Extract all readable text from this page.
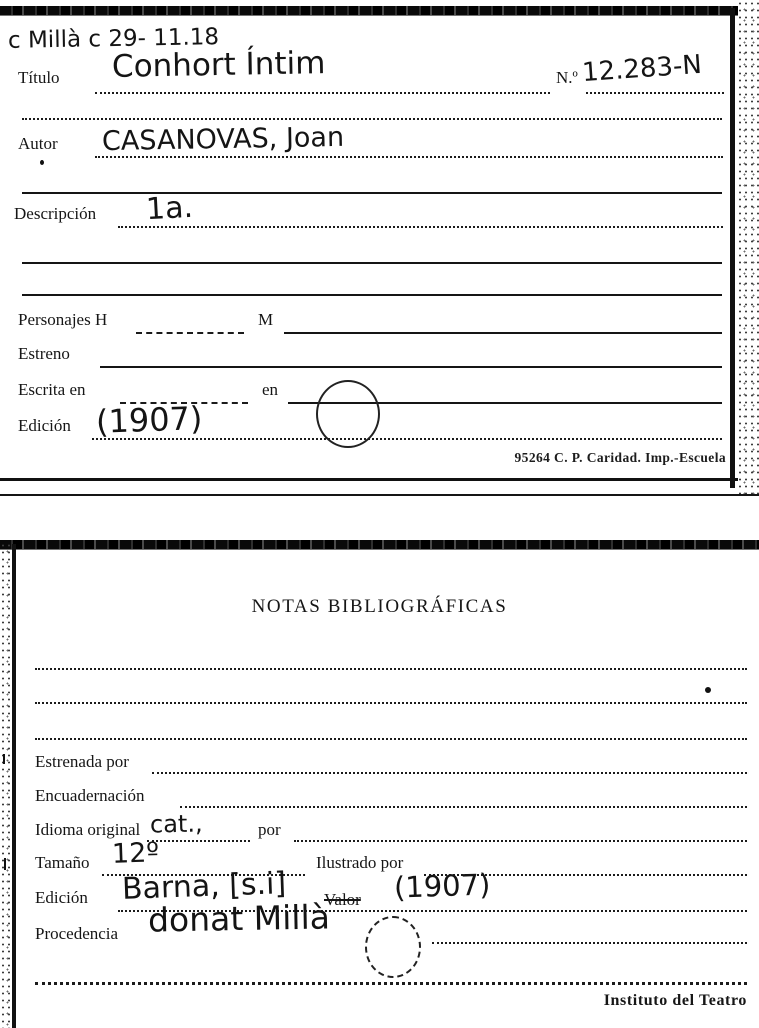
c Millà c 29- 11.18
Título Conhort Íntim	N.º 12.283-N
Autor CASANOVAS, Joan
Descripción 1a.
Personajes H	M
Estreno
Escrita en	en
Edición (1907)
95264 C. P. Caridad. Imp.-Escuela
NOTAS BIBLIOGRÁFICAS
Estrenada por
Encuadernación
Idioma original cat.,	por
Tamaño 12º	Ilustrado por
Edición Barna, [s.i] Valor (1907)
Procedencia donat Millà
Instituto del Teatro
